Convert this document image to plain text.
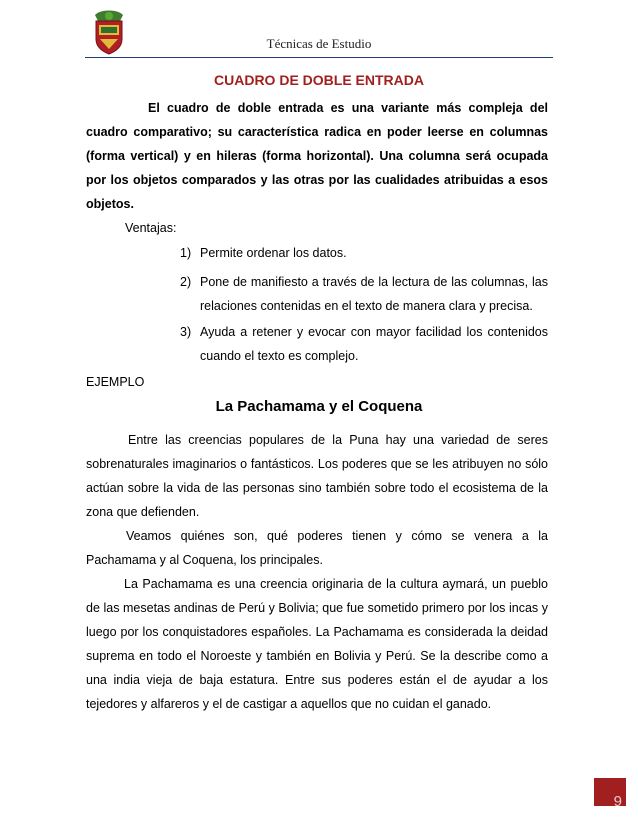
Técnicas de Estudio
CUADRO DE DOBLE ENTRADA

El cuadro de doble entrada es una variante más compleja del cuadro comparativo; su característica radica en poder leerse en columnas (forma vertical) y en hileras (forma horizontal). Una columna será ocupada por los objetos comparados y las otras por las cualidades atribuidas a esos objetos.

Ventajas:

1) Permite ordenar los datos.

2) Pone de manifiesto a través de la lectura de las columnas, las relaciones contenidas en el texto de manera clara y precisa.

3) Ayuda a retener y evocar con mayor facilidad los contenidos cuando el texto es complejo.

EJEMPLO

La Pachamama y el Coquena

Entre las creencias populares de la Puna hay una variedad de seres sobrenaturales imaginarios o fantásticos. Los poderes que se les atribuyen no sólo actúan sobre la vida de las personas sino también sobre todo el ecosistema de la zona que defienden.

Veamos quiénes son, qué poderes tienen y cómo se venera a la Pachamama y al Coquena, los principales.

La Pachamama es una creencia originaria de la cultura aymará, un pueblo de las mesetas andinas de Perú y Bolivia; que fue sometido primero por los incas y luego por los conquistadores españoles. La Pachamama es considerada la deidad suprema en todo el Noroeste y también en Bolivia y Perú. Se la describe como a una india vieja de baja estatura. Entre sus poderes están el de ayudar a los tejedores y alfareros y el de castigar a aquellos que no cuidan el ganado.

9
